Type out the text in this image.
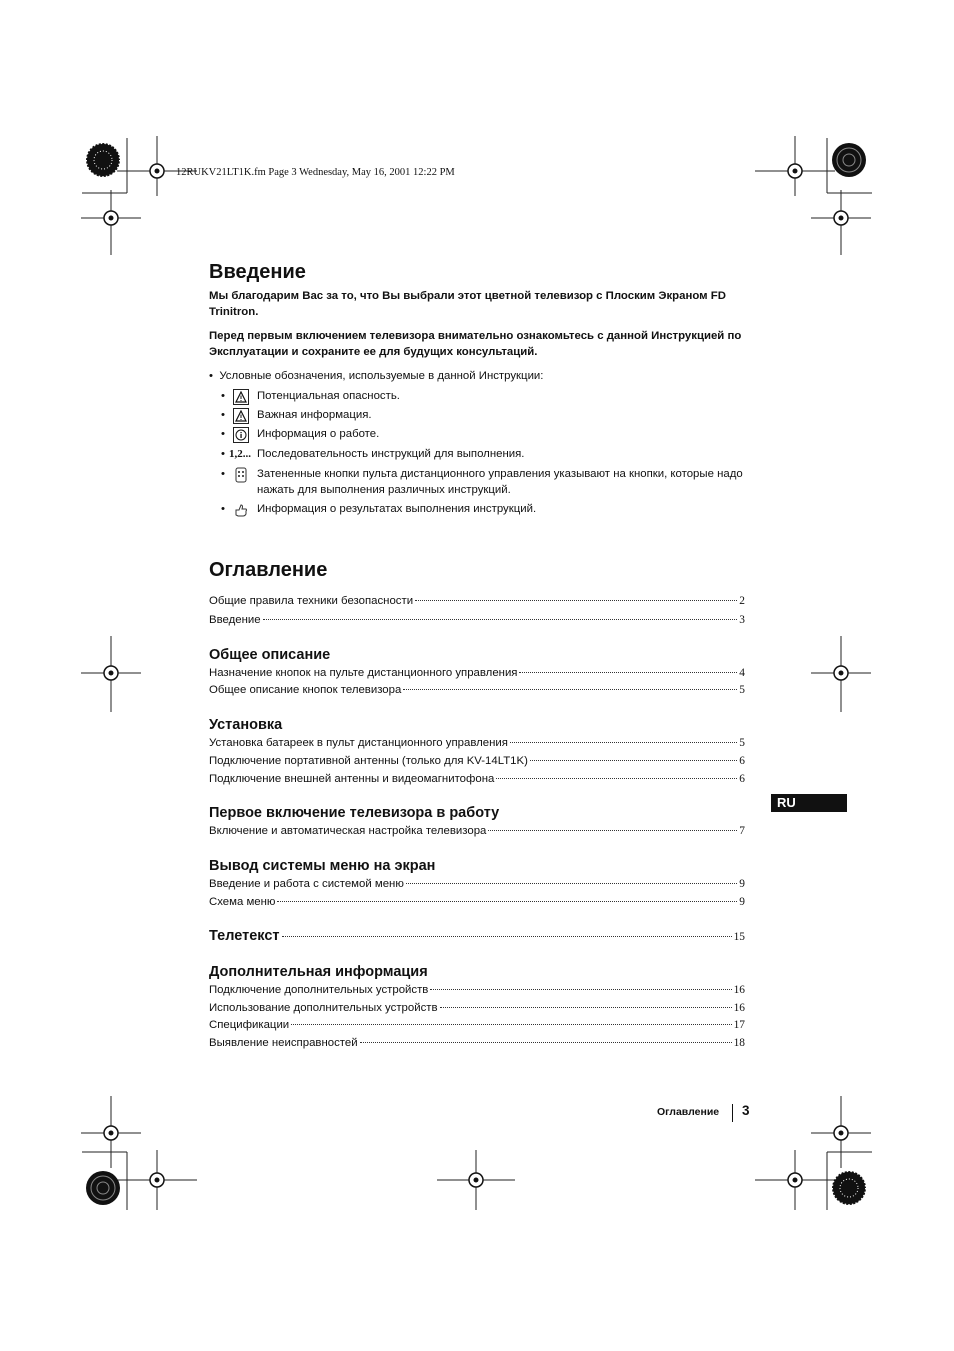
12RUKV21LT1K.fm Page 3 Wednesday, May 16, 2001 12:22 PM
Введение
Мы благодарим Вас за то, что Вы выбрали этот цветной телевизор с Плоским Экраном FD Trinitron.
Перед первым включением телевизора внимательно ознакомьтесь с данной Инструкцией по Эксплуатации и сохраните ее для будущих консультаций.
•  Условные обозначения, используемые в данной Инструкции:
•	Потенциальная опасность.
•	Важная информация.
•	Информация о работе.
• 1,2... Последовательность инструкций для выполнения.
•	Затененные кнопки пульта дистанционного управления указывают на кнопки, которые надо нажать для выполнения различных инструкций.
•	Информация о результатах выполнения инструкций.
Оглавление
Общие правила техники безопасности	2
Введение	3
Общее описание
Назначение кнопок на пульте дистанционного управления	4
Общее описание кнопок телевизора	5
Установка
Установка батареек в пульт дистанционного управления	5
Подключение портативной антенны (только для KV-14LT1K)	6
Подключение внешней антенны и видеомагнитофона	6
Первое включение телевизора в работу
Включение и автоматическая настройка телевизора	7
Вывод системы меню на экран
Введение и работа с системой меню	9
Схема меню	9
Телетекст	15
Дополнительная информация
Подключение дополнительных устройств	16
Использование дополнительных устройств	16
Спецификации	17
Выявление неисправностей	18
RU
Оглавление 3
